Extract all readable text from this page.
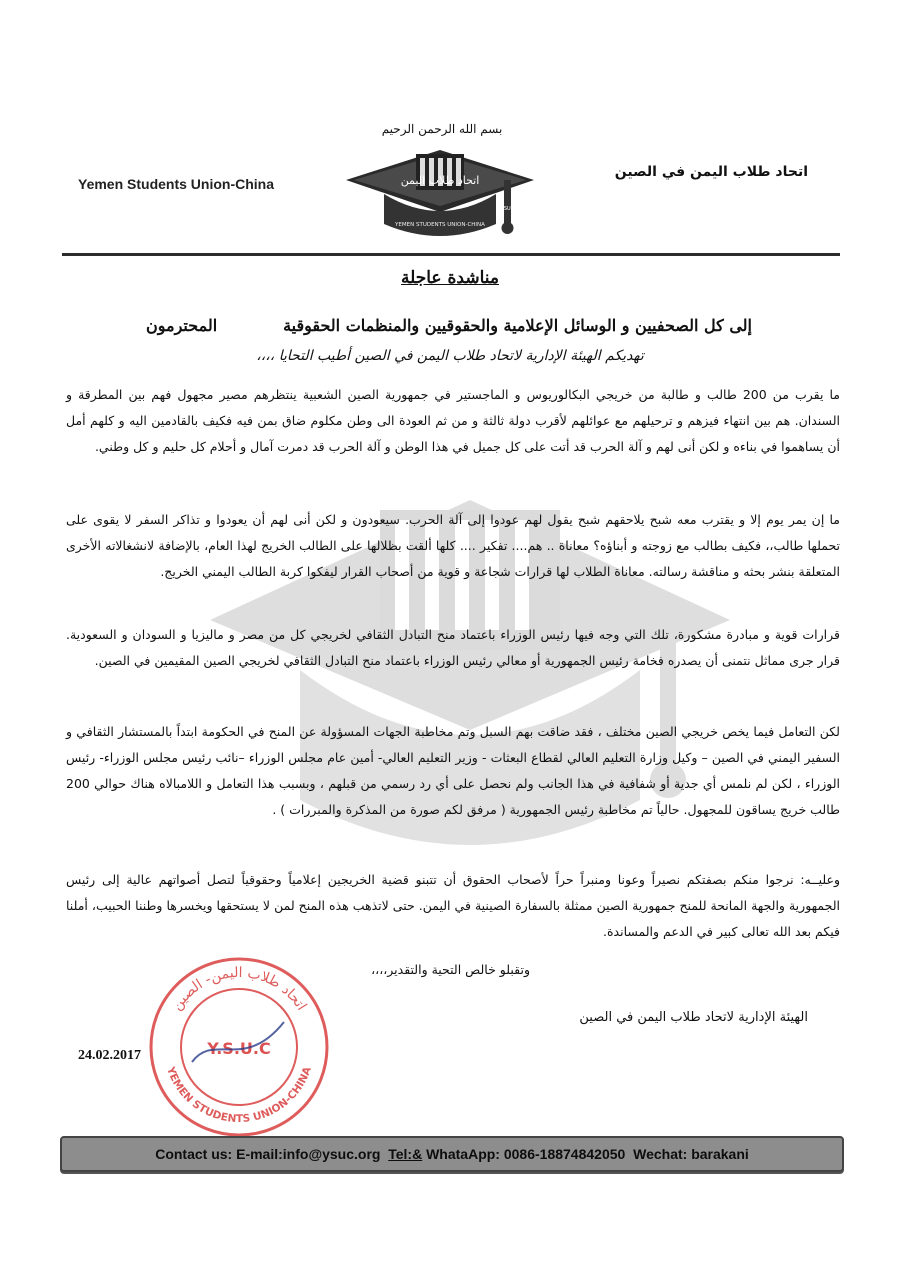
بسم الله الرحمن الرحيم
اتحاد طلاب اليمن
YEMEN STUDENTS UNION-CHINA
YSUC
Yemen Students Union-China
اتحاد طلاب اليمن في الصين
مناشدة عاجلة
إلى كل الصحفيين و الوسائل الإعلامية والحقوقيين والمنظمات الحقوقية
المحترمون
تهديكم الهيئة الإدارية لاتحاد طلاب اليمن في الصين أطيب التحايا ،،،،
ما يقرب من 200 طالب و طالبة من خريجي البكالوريوس و الماجستير في جمهورية الصين الشعبية ينتظرهم مصير مجهول فهم بين المطرقة و السندان. هم بين انتهاء فيزهم و ترحيلهم مع عوائلهم لأقرب دولة ثالثة و من ثم العودة الى وطن مكلوم ضاق بمن فيه فكيف بالقادمين اليه و كلهم أمل أن يساهموا في بناءه و لكن أنى لهم و آلة الحرب قد أتت على كل جميل في هذا الوطن و آلة الحرب قد دمرت آمال و أحلام كل حليم و كل وطني.
ما إن يمر يوم إلا و يقترب معه شبح يلاحقهم شبح يقول لهم عودوا إلى آلة الحرب. سيعودون و لكن أنى لهم أن يعودوا و تذاكر السفر لا يقوى على تحملها طالب،، فكيف بطالب مع زوجته و أبناؤه؟ معاناة .. هم.... تفكير .... كلها ألقت بظلالها على الطالب الخريج لهذا العام، بالإضافة لانشغالاته الأخرى المتعلقة بنشر بحثه و مناقشة رسالته. معاناة الطلاب لها قرارات شجاعة و قوية من أصحاب القرار ليفكوا كربة الطالب اليمني الخريج.
قرارات قوية و مبادرة مشكورة، تلك التي وجه فيها رئيس الوزراء باعتماد منح التبادل الثقافي لخريجي كل من مصر و ماليزيا و السودان و السعودية. قرار جرى مماثل نتمنى أن يصدره فخامة رئيس الجمهورية أو معالي رئيس الوزراء باعتماد منح التبادل الثقافي لخريجي الصين المقيمين في الصين.
لكن التعامل فيما يخص خريجي الصين مختلف ، فقد ضاقت بهم السبل وتم مخاطبة الجهات المسؤولة عن المنح في الحكومة ابتداً بالمستشار الثقافي و السفير اليمني في الصين – وكيل وزارة التعليم العالي لقطاع البعثات - وزير التعليم العالي- أمين عام مجلس الوزراء –نائب رئيس مجلس الوزراء- رئيس الوزراء ، لكن لم نلمس أي جدية أو شفافية في هذا الجانب ولم نحصل على أي رد رسمي من قبلهم ، وبسبب هذا التعامل و اللامبالاه هناك حوالي 200 طالب خريج يساقون للمجهول. حالياً تم مخاطبة رئيس الجمهورية ( مرفق لكم صورة من المذكرة والمبررات ) .
وعليــه: نرجوا منكم بصفتكم نصيراً وعونا ومنبراً حراً لأصحاب الحقوق أن تتبنو قضية الخريجين إعلامياً وحقوقياً لتصل أصواتهم عالية إلى رئيس الجمهورية والجهة المانحة للمنح جمهورية الصين ممثلة بالسفارة الصينية في اليمن. حتى لاتذهب هذه المنح لمن لا يستحقها ويخسرها وطننا الحبيب، أملنا فيكم بعد الله تعالى كبير في الدعم والمساندة.
وتقبلو خالص التحية والتقدير،،،،
اتحاد طلاب اليمن- الصين
YEMEN STUDENTS UNION-CHINA
Y.S.U.C
الهيئة الإدارية لاتحاد طلاب اليمن في الصين
24.02.2017
Contact us: E-mail:info@ysuc.org Tel:& WhataApp: 0086-18874842050 Wechat: barakani
